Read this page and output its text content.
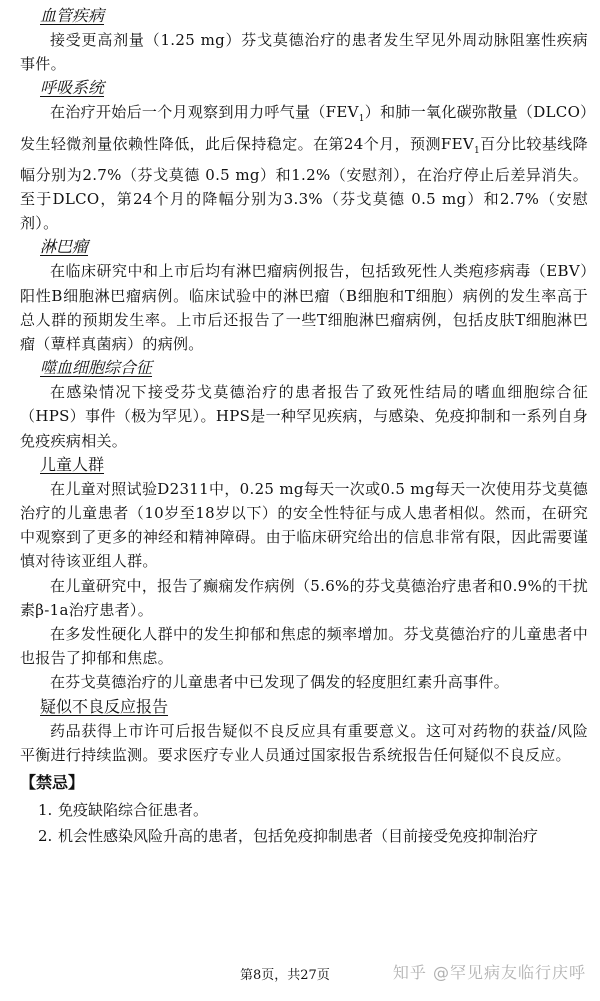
血管疾病

接受更高剂量（1.25 mg）芬戈莫德治疗的患者发生罕见外周动脉阻塞性疾病事件。

呼吸系统

在治疗开始后一个月观察到用力呼气量$(FEV_1)$和肺一氧化碳弥散量（DLCO）发生轻微剂量依赖性降低，此后保持稳定。在第24个月，预测$FEV_1$百分比较基线降幅分别为2.7%（芬戈莫德 0.5 mg）和1.2%（安慰剂），在治疗停止后差异消失。至于DLCO，第24个月的降幅分别为3.3%（芬戈莫德 0.5 mg）和2.7%（安慰剂）。

淋巴瘤

在临床研究中和上市后均有淋巴瘤病例报告，包括致死性人类疱疹病毒（EBV）阳性B细胞淋巴瘤病例。临床试验中的淋巴瘤（B细胞和T细胞）病例的发生率高于总人群的预期发生率。上市后还报告了一些T细胞淋巴瘤病例，包括皮肤T细胞淋巴瘤（蕈样真菌病）的病例。

噬血细胞综合征

在感染情况下接受芬戈莫德治疗的患者报告了致死性结局的嗜血细胞综合征（HPS）事件（极为罕见）。HPS是一种罕见疾病，与感染、免疫抑制和一系列自身免疫疾病相关。

儿童人群

在儿童对照试验D2311中，0.25 mg每天一次或0.5 mg每天一次使用芬戈莫德治疗的儿童患者（10岁至18岁以下）的安全性特征与成人患者相似。然而，在研究中观察到了更多的神经和精神障碍。由于临床研究给出的信息非常有限，因此需要谨慎对待该亚组人群。

在儿童研究中，报告了癫痫发作病例（5.6%的芬戈莫德治疗患者和0.9%的干扰素β-1a治疗患者）。

在多发性硬化人群中的发生抑郁和焦虑的频率增加。芬戈莫德治疗的儿童患者中也报告了抑郁和焦虑。

在芬戈莫德治疗的儿童患者中已发现了偶发的轻度胆红素升高事件。

疑似不良反应报告

药品获得上市许可后报告疑似不良反应具有重要意义。这可对药物的获益/风险平衡进行持续监测。要求医疗专业人员通过国家报告系统报告任何疑似不良反应。

【禁忌】
1. 免疫缺陷综合征患者。
2. 机会性感染风险升高的患者，包括免疫抑制患者（目前接受免疫抑制治疗
第8页，共27页	知乎 @罕见病友临行庆呼
